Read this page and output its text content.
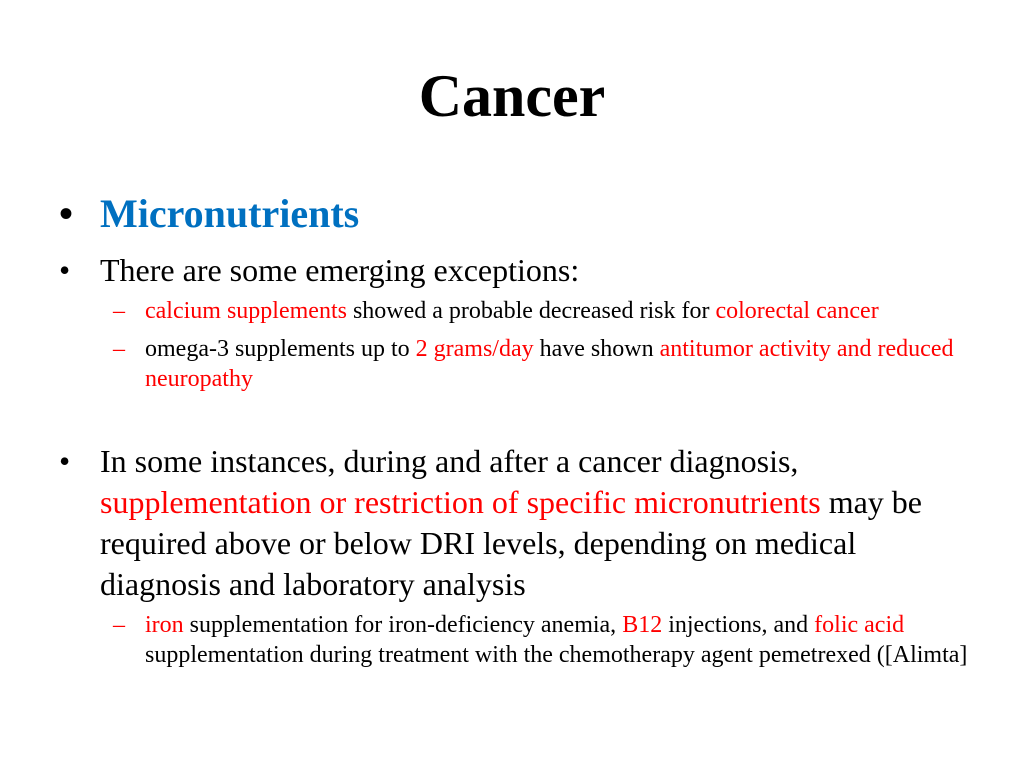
Cancer
• Micronutrients
• There are some emerging exceptions:
– calcium supplements showed a probable decreased risk for colorectal cancer
– omega-3 supplements up to 2 grams/day have shown antitumor activity and reduced neuropathy
• In some instances, during and after a cancer diagnosis, supplementation or restriction of specific micronutrients may be required above or below DRI levels, depending on medical diagnosis and laboratory analysis
– iron supplementation for iron-deficiency anemia, B12 injections, and folic acid supplementation during treatment with the chemotherapy agent pemetrexed ([Alimta]
